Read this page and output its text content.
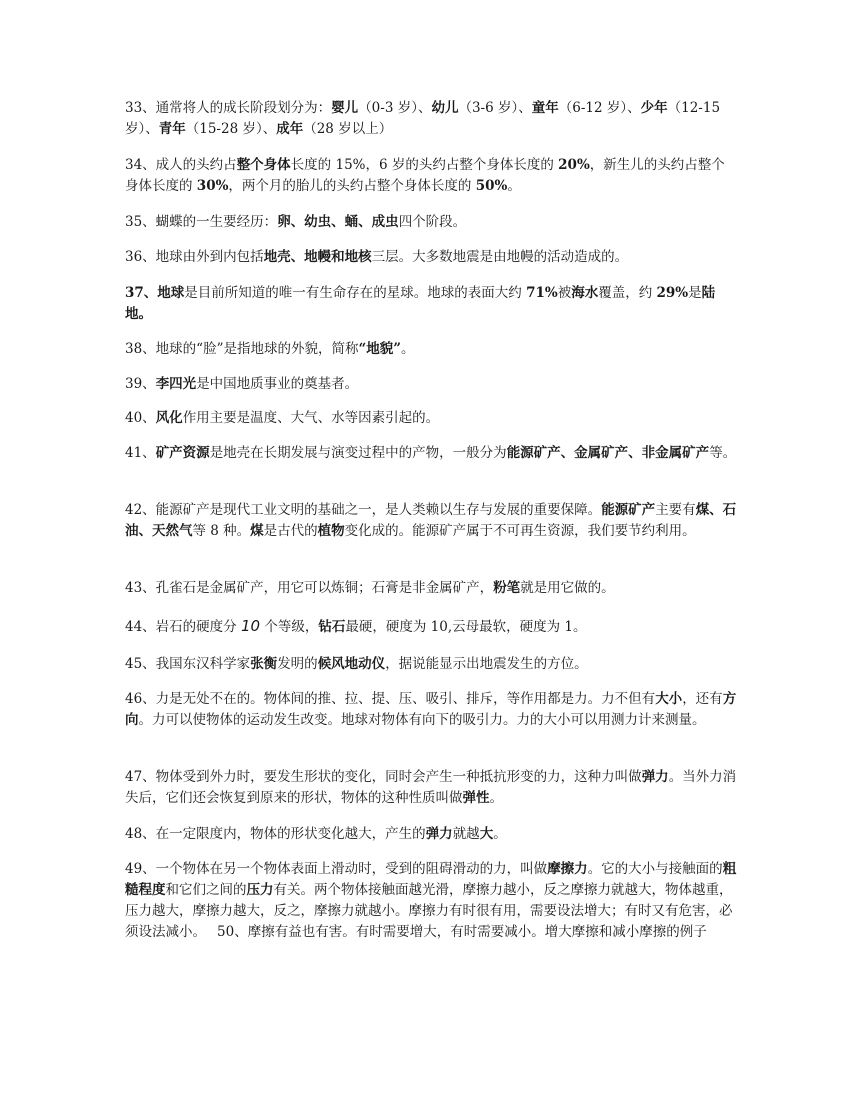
33、通常将人的成长阶段划分为：婴儿（0-3 岁）、幼儿（3-6 岁）、童年（6-12 岁）、少年（12-15 岁）、青年（15-28 岁）、成年（28 岁以上）

34、成人的头约占整个身体长度的 15%，6 岁的头约占整个身体长度的 20%，新生儿的头约占整个身体长度的 30%，两个月的胎儿的头约占整个身体长度的 50%。

35、蝴蝶的一生要经历：卵、幼虫、蛹、成虫四个阶段。

36、地球由外到内包括地壳、地幔和地核三层。大多数地震是由地幔的活动造成的。

37、地球是目前所知道的唯一有生命存在的星球。地球的表面大约 71%被海水覆盖，约 29%是陆地。

38、地球的“脸”是指地球的外貌，简称“地貌”。

39、李四光是中国地质事业的奠基者。

40、风化作用主要是温度、大气、水等因素引起的。

41、矿产资源是地壳在长期发展与演变过程中的产物，一般分为能源矿产、金属矿产、非金属矿产等。

42、能源矿产是现代工业文明的基础之一，是人类赖以生存与发展的重要保障。能源矿产主要有煤、石油、天然气等 8 种。煤是古代的植物变化成的。能源矿产属于不可再生资源，我们要节约利用。

43、孔雀石是金属矿产，用它可以炼铜；石膏是非金属矿产，粉笔就是用它做的。

44、岩石的硬度分 10 个等级，钻石最硬，硬度为 10,云母最软，硬度为 1。

45、我国东汉科学家张衡发明的候风地动仪，据说能显示出地震发生的方位。

46、力是无处不在的。物体间的推、拉、提、压、吸引、排斥，等作用都是力。力不但有大小，还有方向。力可以使物体的运动发生改变。地球对物体有向下的吸引力。力的大小可以用测力计来测量。

47、物体受到外力时，要发生形状的变化，同时会产生一种抵抗形变的力，这种力叫做弹力。当外力消失后，它们还会恢复到原来的形状，物体的这种性质叫做弹性。

48、在一定限度内，物体的形状变化越大，产生的弹力就越大。

49、一个物体在另一个物体表面上滑动时，受到的阻碍滑动的力，叫做摩擦力。它的大小与接触面的粗糙程度和它们之间的压力有关。两个物体接触面越光滑，摩擦力越小，反之摩擦力就越大，物体越重，压力越大，摩擦力越大，反之，摩擦力就越小。摩擦力有时很有用，需要设法增大；有时又有危害，必须设法减小。　 50、摩擦有益也有害。有时需要增大，有时需要减小。增大摩擦和减小摩擦的例子
